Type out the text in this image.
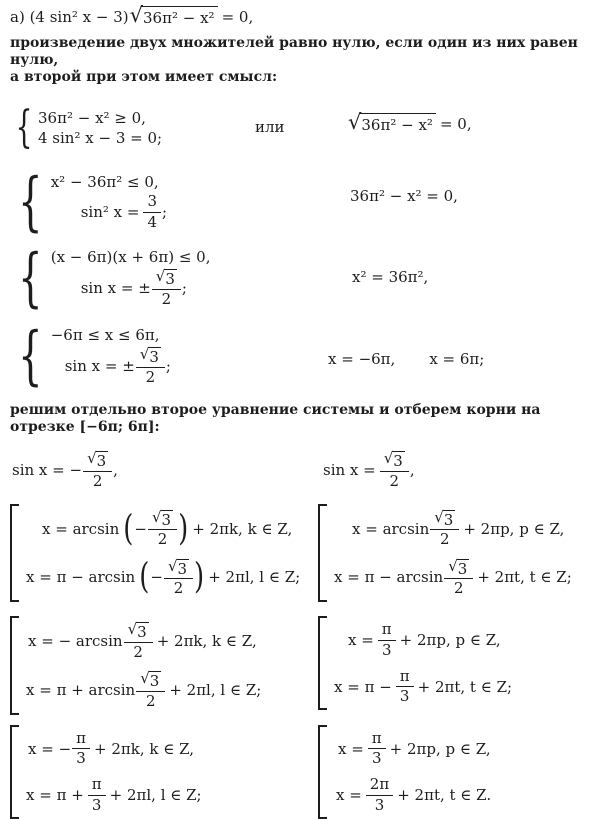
а) (4 sin² x − 3) √ 36π² − x² = 0,
произведение двух множителей равно нулю, если один из них равен нулю,
а второй при этом имеет смысл:
{ 36π² − x² ≥ 0,
4 sin² x − 3 = 0;
или	√ 36π² − x² = 0,
{ x² − 36π² ≤ 0,
sin² $x = \frac{3}{4}$ ;
36π² − x² = 0,
{ (x − 6π)(x + 6π) ≤ 0,
sin x = ± $\frac{√ 3}{2}$ ;
x² = 36π²,
{ −6π ≤ x ≤ 6π,
sin x = ± $\frac{√ 3}{2}$ ;	x = −6π, x = 6π;
решим отдельно второе уравнение системы и отберем корни на отрезке [−6π; 6π]:
sin x = − $\frac{√ 3}{2}$ ,	$\sin x = \frac{√ 3}{2}$ ,
x = arcsin ( − $\frac{√ 3}{2}$ ) + 2πk, k ∈ Z,
x = π − arcsin ( − $\frac{√ 3}{2}$ ) + 2πl, l ∈ Z;
$x = \arcsin \frac{√ 3}{2} + 2\pi p$, p ∈ Z,
$x = \pi - \arcsin \frac{√ 3}{2} + 2\pi t$, t ∈ Z;
x = − $\arcsin \frac{√ 3}{2} + 2\pi k$, k ∈ Z,
$x = \pi + \arcsin \frac{√ 3}{2} + 2\pi l$, l ∈ Z;
$x = \frac{\pi}{3} + 2\pi p$, p ∈ Z,
$x = \pi - \frac{\pi}{3} + 2\pi t$, t ∈ Z;
x = − $\frac{\pi}{3} + 2\pi k$, k ∈ Z,
$x = \pi + \frac{\pi}{3} + 2\pi l$, l ∈ Z;
$x = \frac{\pi}{3} + 2\pi p$, p ∈ Z,
$x = \frac{2\pi}{3} + 2\pi t$, t ∈ Z.
